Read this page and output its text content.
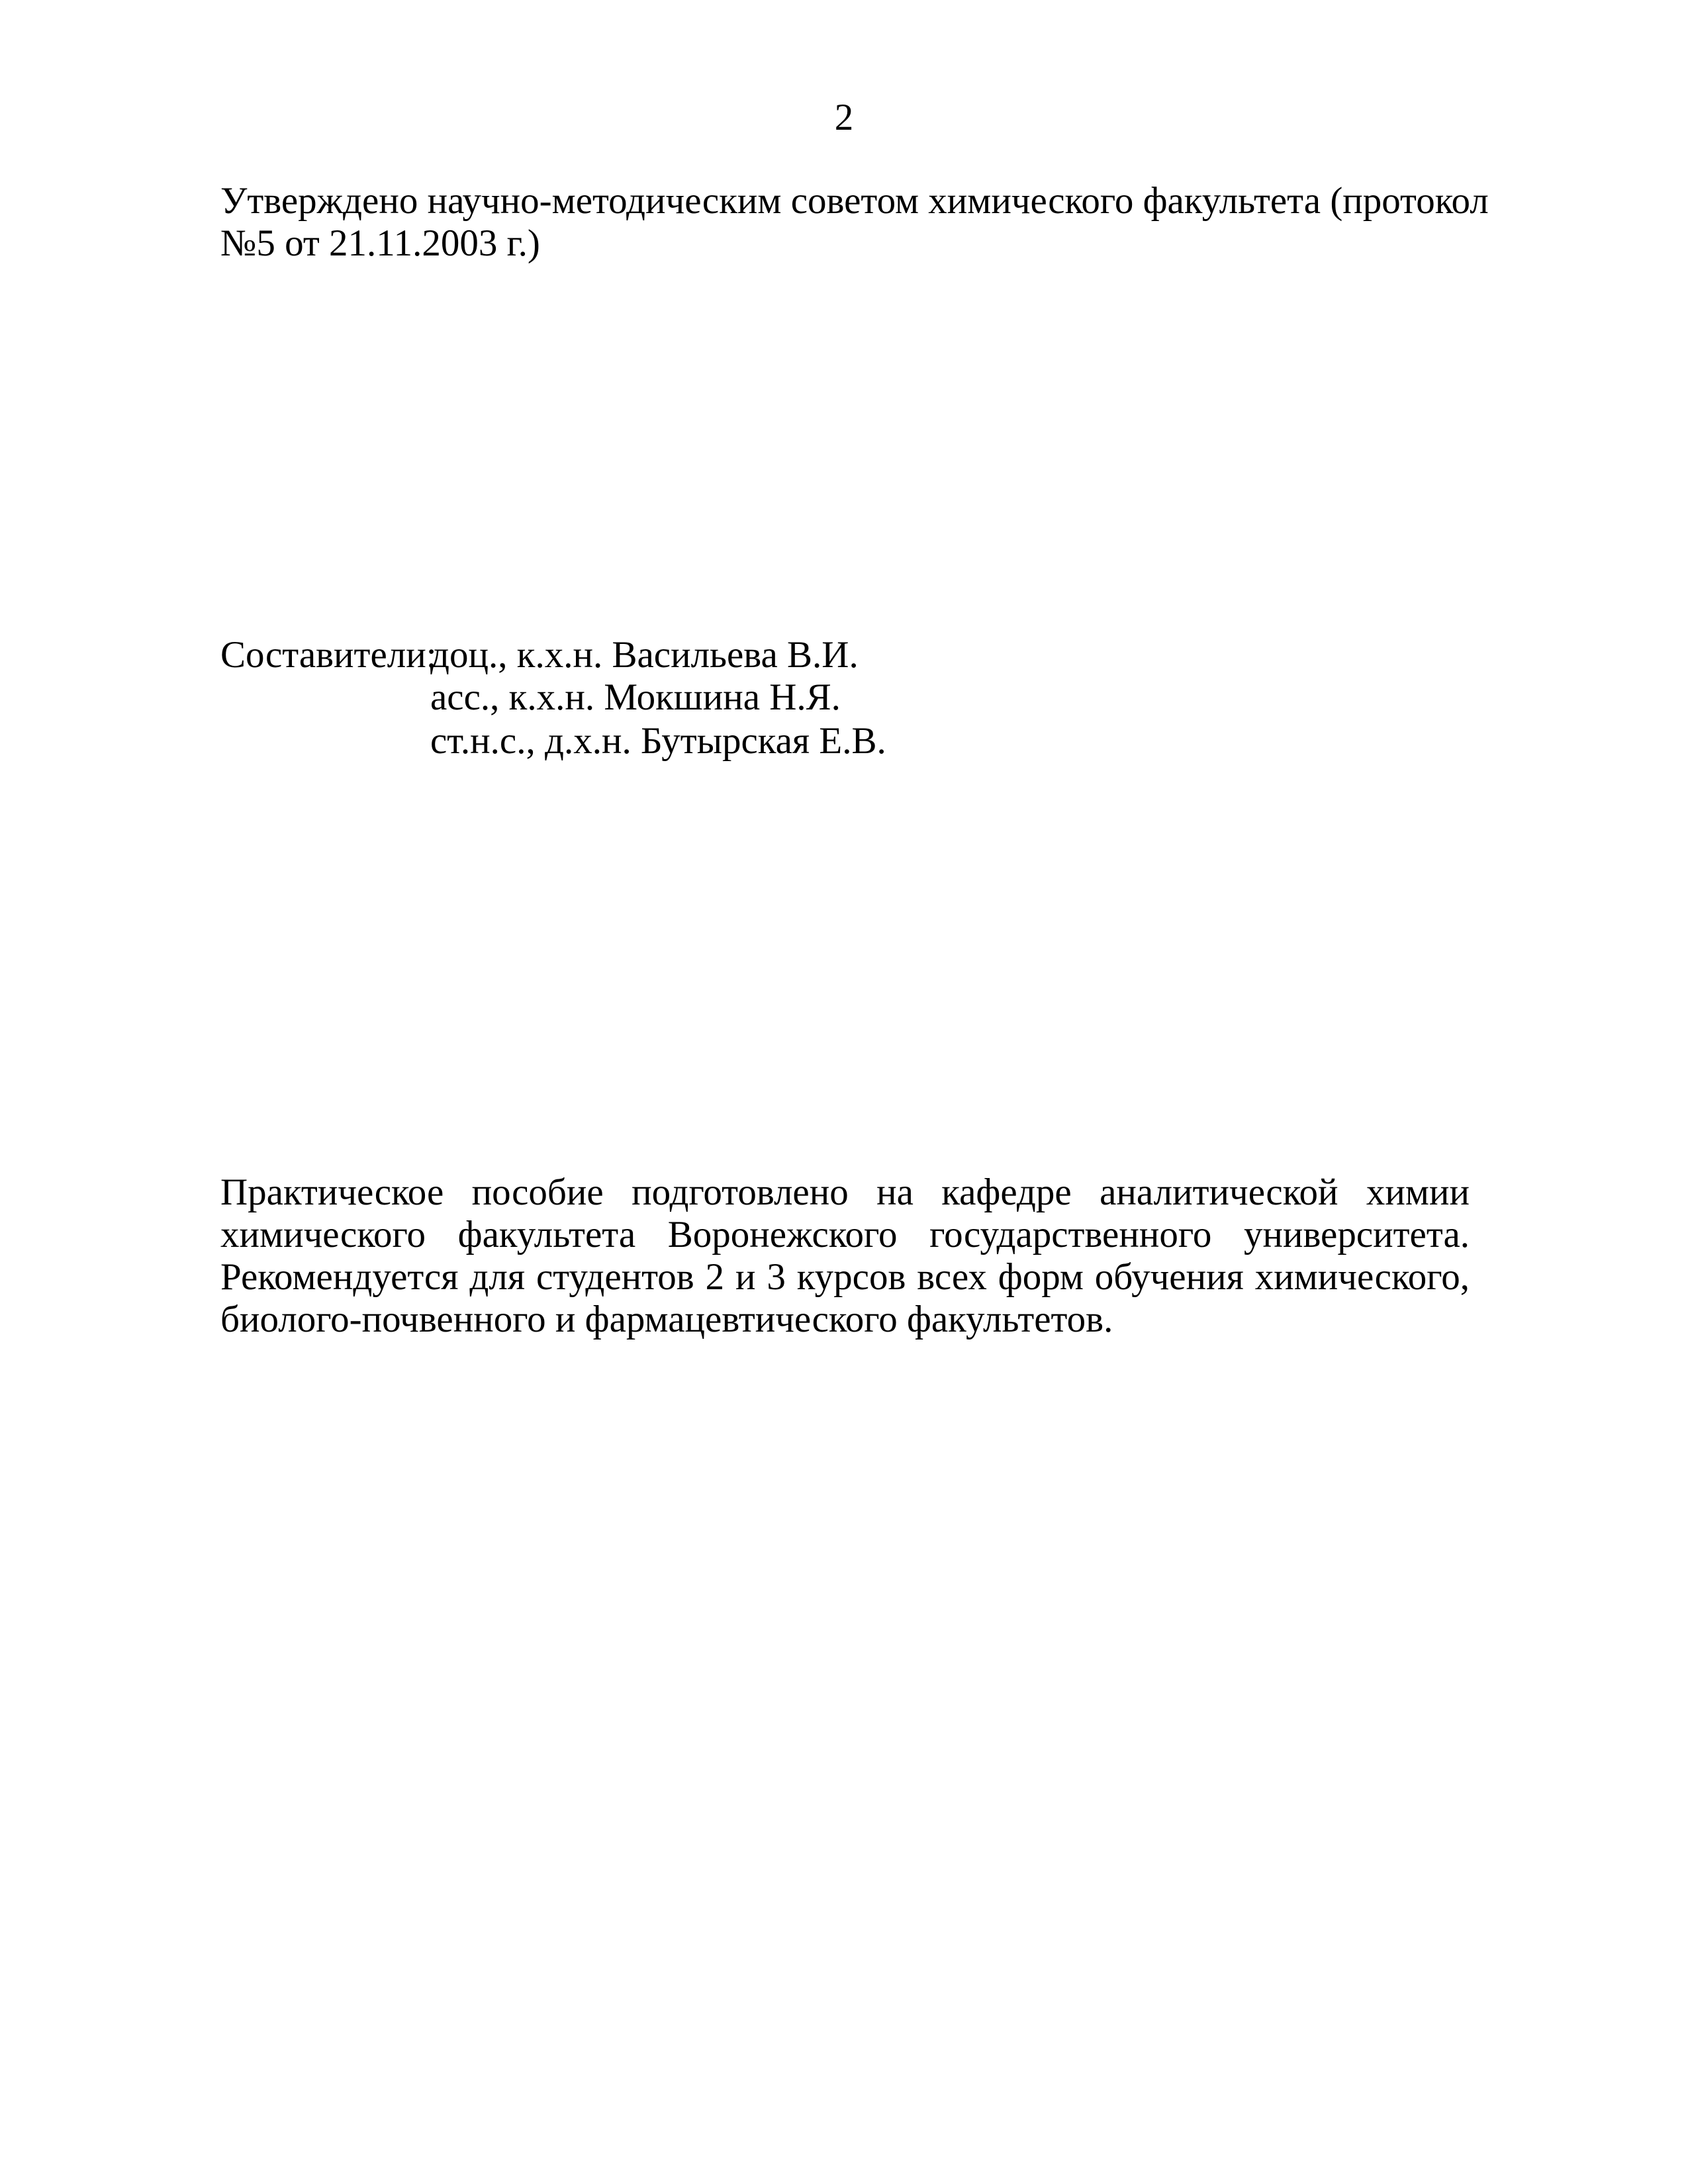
2
Утверждено научно-методическим советом химического факультета (протокол
№5 от 21.11.2003 г.)
Составители:
доц., к.х.н. Васильева В.И.
асс., к.х.н. Мокшина Н.Я.
ст.н.с., д.х.н. Бутырская Е.В.
Практическое пособие подготовлено на кафедре аналитической химии
химического факультета Воронежского государственного университета.
Рекомендуется для студентов 2 и 3 курсов всех форм обучения химического,
биолого-почвенного и фармацевтического факультетов.
